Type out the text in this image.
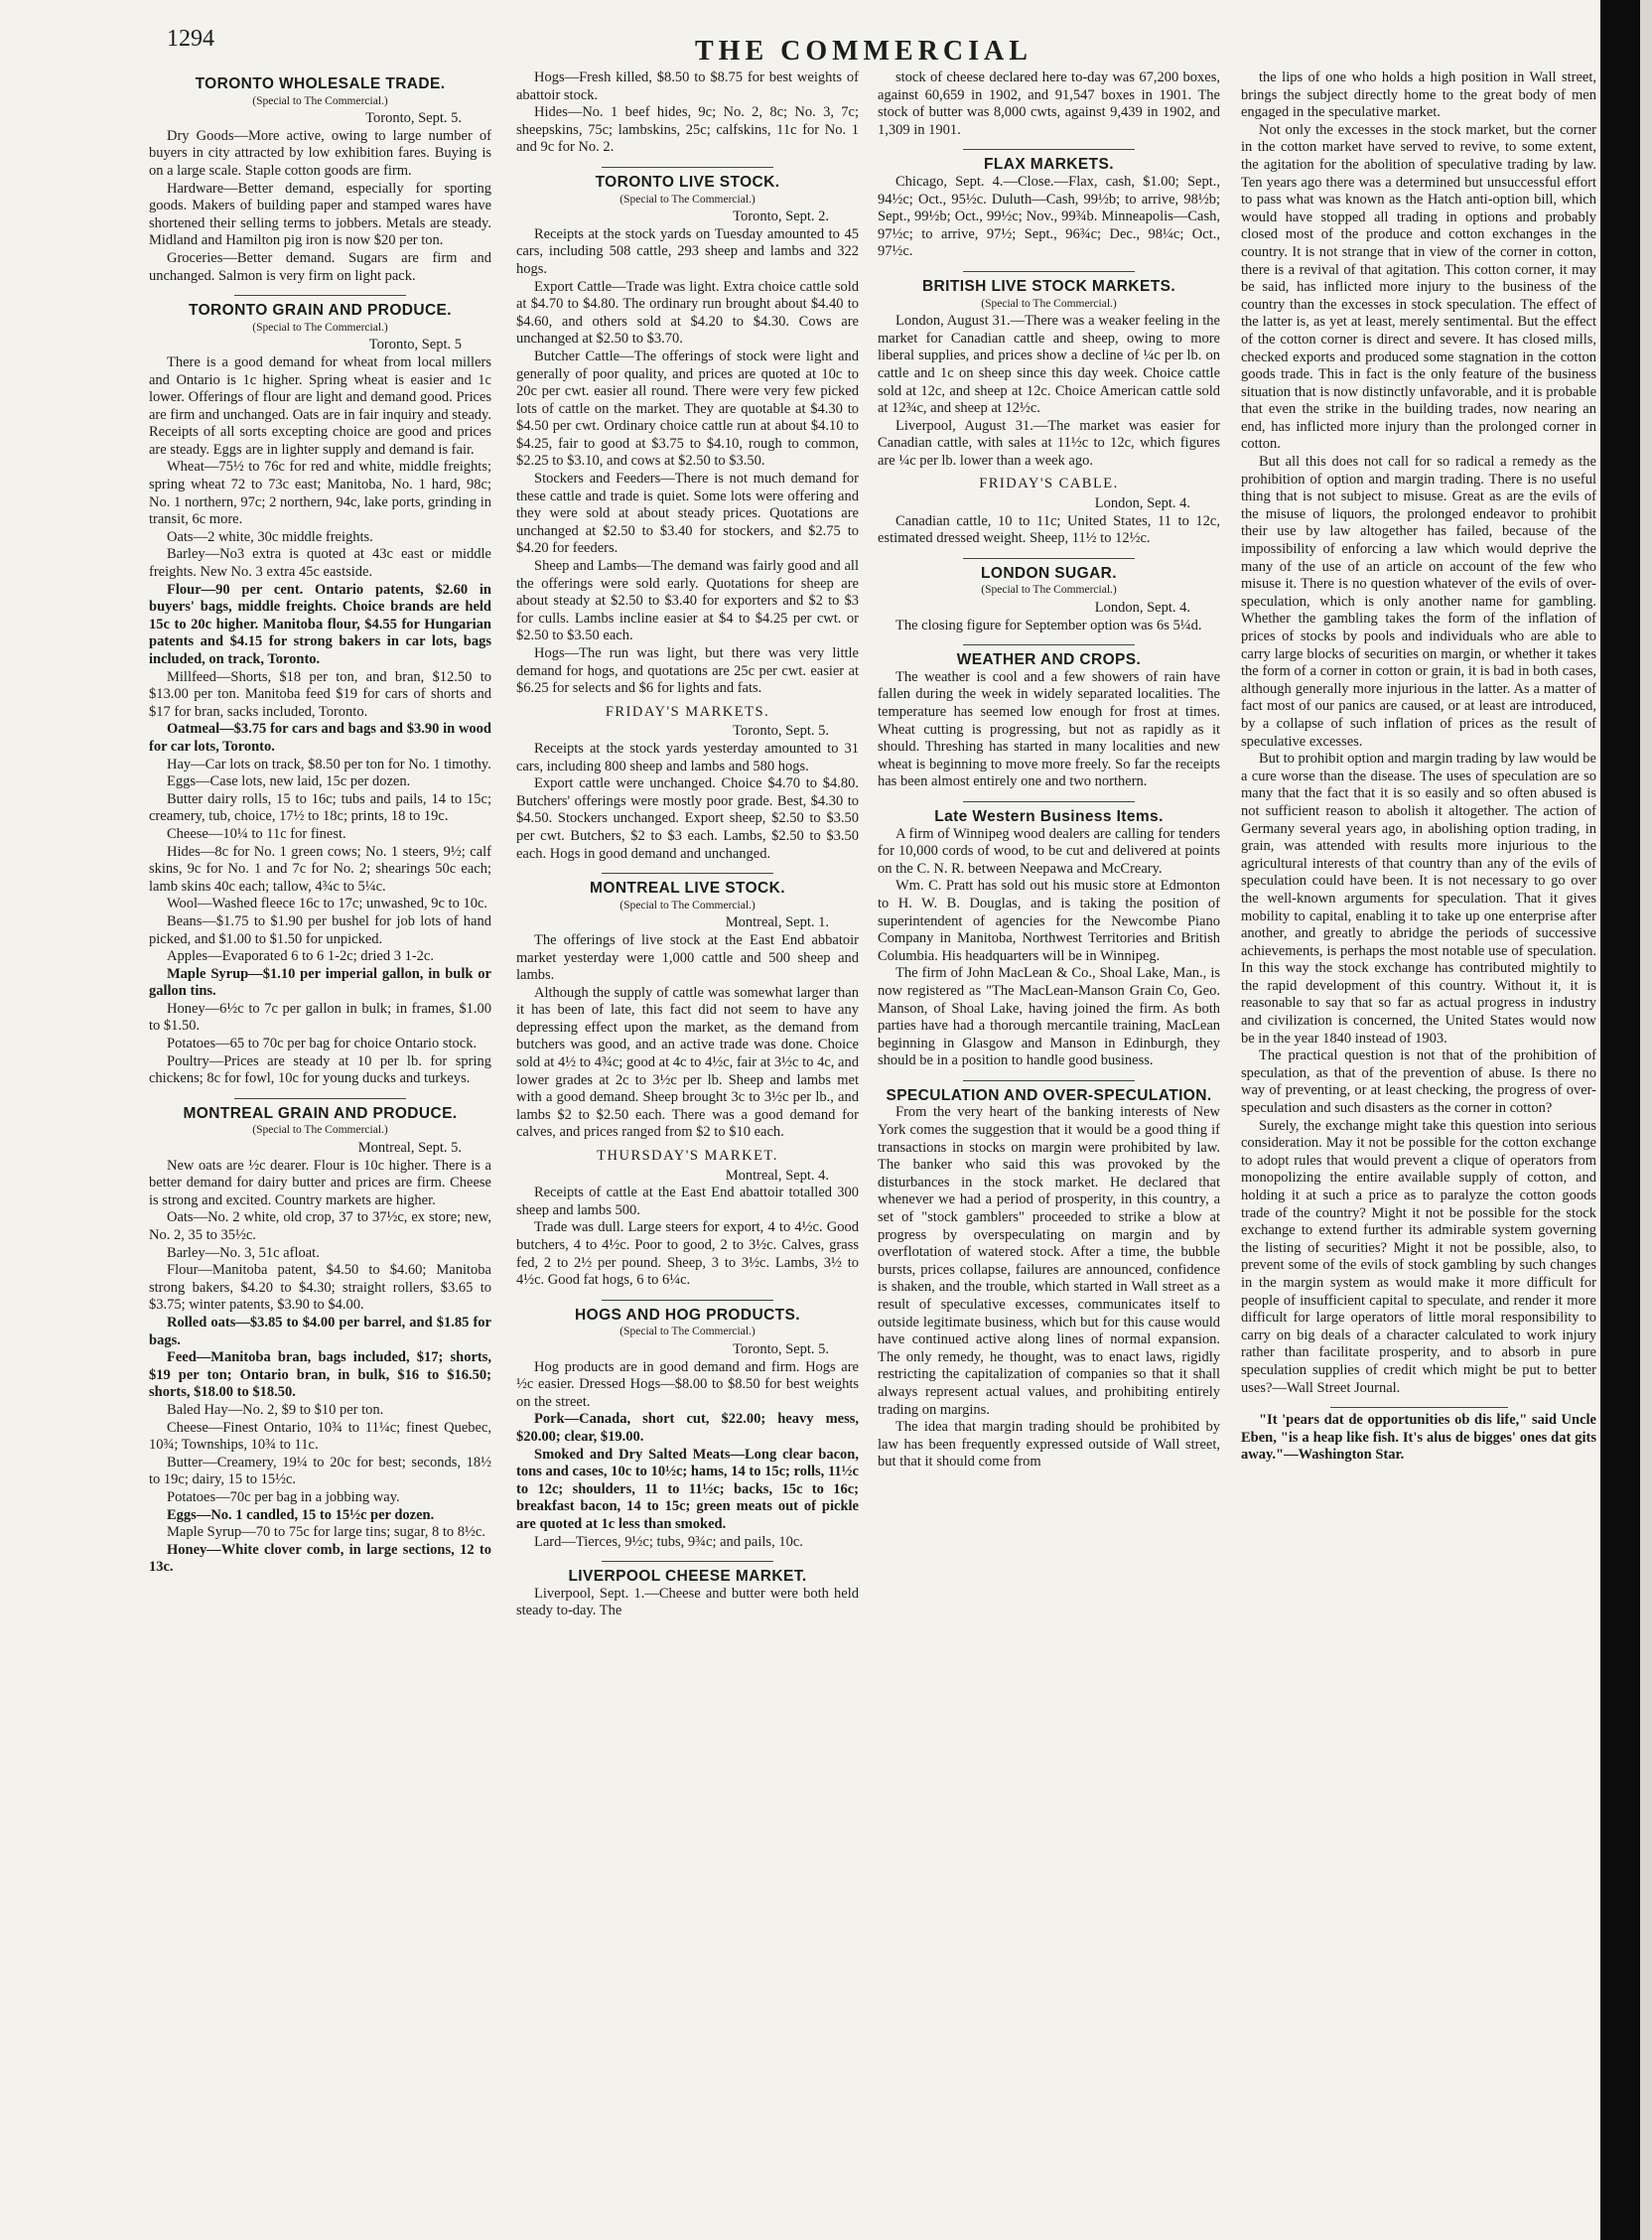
1294	THE COMMERCIAL
TORONTO WHOLESALE TRADE.
(Special to The Commercial.)
Toronto, Sept. 5.

Dry Goods—More active, owing to large number of buyers in city attracted by low exhibition fares. Buying is on a large scale. Staple cotton goods are firm.

Hardware—Better demand, especially for sporting goods. Makers of building paper and stamped wares have shortened their selling terms to jobbers. Metals are steady. Midland and Hamilton pig iron is now $20 per ton.

Groceries—Better demand. Sugars are firm and unchanged. Salmon is very firm on light pack.

TORONTO GRAIN AND PRODUCE.
(Special to The Commercial.)
Toronto, Sept. 5

There is a good demand for wheat from local millers and Ontario is 1c higher. Spring wheat is easier and 1c lower. Offerings of flour are light and demand good. Prices are firm and unchanged. Oats are in fair inquiry and steady. Receipts of all sorts excepting choice are good and prices are steady. Eggs are in lighter supply and demand is fair.

Wheat—75½ to 76c for red and white, middle freights; spring wheat 72 to 73c east; Manitoba, No. 1 hard, 98c; No. 1 northern, 97c; 2 northern, 94c, lake ports, grinding in transit, 6c more.

Oats—2 white, 30c middle freights.

Barley—No3 extra is quoted at 43c east or middle freights. New No. 3 extra 45c eastside.

Flour—90 per cent. Ontario patents, $2.60 in buyers' bags, middle freights. Choice brands are held 15c to 20c higher. Manitoba flour, $4.55 for Hungarian patents and $4.15 for strong bakers in car lots, bags included, on track, Toronto.

Millfeed—Shorts, $18 per ton, and bran, $12.50 to $13.00 per ton. Manitoba feed $19 for cars of shorts and $17 for bran, sacks included, Toronto.

Oatmeal—$3.75 for cars and bags and $3.90 in wood for car lots, Toronto.

Hay—Car lots on track, $8.50 per ton for No. 1 timothy.

Eggs—Case lots, new laid, 15c per dozen.

Butter dairy rolls, 15 to 16c; tubs and pails, 14 to 15c; creamery, tub, choice, 17½ to 18c; prints, 18 to 19c.

Cheese—10¼ to 11c for finest.

Hides—8c for No. 1 green cows; No. 1 steers, 9½; calf skins, 9c for No. 1 and 7c for No. 2; shearings 50c each; lamb skins 40c each; tallow, 4¾c to 5¼c.

Wool—Washed fleece 16c to 17c; unwashed, 9c to 10c.

Beans—$1.75 to $1.90 per bushel for job lots of hand picked, and $1.00 to $1.50 for unpicked.

Apples—Evaporated 6 to 6 1-2c; dried 3 1-2c.

Maple Syrup—$1.10 per imperial gallon, in bulk or gallon tins.

Honey—6½c to 7c per gallon in bulk; in frames, $1.00 to $1.50.

Potatoes—65 to 70c per bag for choice Ontario stock.

Poultry—Prices are steady at 10 per lb. for spring chickens; 8c for fowl, 10c for young ducks and turkeys.

MONTREAL GRAIN AND PRODUCE.
(Special to The Commercial.)
Montreal, Sept. 5.

New oats are ½c dearer. Flour is 10c higher. There is a better demand for dairy butter and prices are firm. Cheese is strong and excited. Country markets are higher.

Oats—No. 2 white, old crop, 37 to 37½c, ex store; new, No. 2, 35 to 35½c.

Barley—No. 3, 51c afloat.

Flour—Manitoba patent, $4.50 to $4.60; Manitoba strong bakers, $4.20 to $4.30; straight rollers, $3.65 to $3.75; winter patents, $3.90 to $4.00.

Rolled oats—$3.85 to $4.00 per barrel, and $1.85 for bags.

Feed—Manitoba bran, bags included, $17; shorts, $19 per ton; Ontario bran, in bulk, $16 to $16.50; shorts, $18.00 to $18.50.

Baled Hay—No. 2, $9 to $10 per ton.

Cheese—Finest Ontario, 10¾ to 11¼c; finest Quebec, 10¾; Townships, 10¾ to 11c.

Butter—Creamery, 19¼ to 20c for best; seconds, 18½ to 19c; dairy, 15 to 15½c.

Potatoes—70c per bag in a jobbing way.

Eggs—No. 1 candled, 15 to 15½c per dozen.

Maple Syrup—70 to 75c for large tins; sugar, 8 to 8½c.

Honey—White clover comb, in large sections, 12 to 13c.

Hogs—Fresh killed, $8.50 to $8.75 for best weights of abattoir stock.

Hides—No. 1 beef hides, 9c; No. 2, 8c; No. 3, 7c; sheepskins, 75c; lambskins, 25c; calfskins, 11c for No. 1 and 9c for No. 2.

TORONTO LIVE STOCK.
(Special to The Commercial.)
Toronto, Sept. 2.

Receipts at the stock yards on Tuesday amounted to 45 cars, including 508 cattle, 293 sheep and lambs and 322 hogs.

Export Cattle—Trade was light. Extra choice cattle sold at $4.70 to $4.80. The ordinary run brought about $4.40 to $4.60, and others sold at $4.20 to $4.30. Cows are unchanged at $2.50 to $3.70.

Butcher Cattle—The offerings of stock were light and generally of poor quality, and prices are quoted at 10c to 20c per cwt. easier all round. There were very few picked lots of cattle on the market. They are quotable at $4.30 to $4.50 per cwt. Ordinary choice cattle run at about $4.10 to $4.25, fair to good at $3.75 to $4.10, rough to common, $2.25 to $3.10, and cows at $2.50 to $3.50.

Stockers and Feeders—There is not much demand for these cattle and trade is quiet. Some lots were offering and they were sold at about steady prices. Quotations are unchanged at $2.50 to $3.40 for stockers, and $2.75 to $4.20 for feeders.

Sheep and Lambs—The demand was fairly good and all the offerings were sold early. Quotations for sheep are about steady at $2.50 to $3.40 for exporters and $2 to $3 for culls. Lambs incline easier at $4 to $4.25 per cwt. or $2.50 to $3.50 each.

Hogs—The run was light, but there was very little demand for hogs, and quotations are 25c per cwt. easier at $6.25 for selects and $6 for lights and fats.

FRIDAY'S MARKETS.
Toronto, Sept. 5.

Receipts at the stock yards yesterday amounted to 31 cars, including 800 sheep and lambs and 580 hogs.

Export cattle were unchanged. Choice $4.70 to $4.80. Butchers' offerings were mostly poor grade. Best, $4.30 to $4.50. Stockers unchanged. Export sheep, $2.50 to $3.50 per cwt. Butchers, $2 to $3 each. Lambs, $2.50 to $3.50 each. Hogs in good demand and unchanged.

MONTREAL LIVE STOCK.
(Special to The Commercial.)
Montreal, Sept. 1.

The offerings of live stock at the East End abbatoir market yesterday were 1,000 cattle and 500 sheep and lambs.

Although the supply of cattle was somewhat larger than it has been of late, this fact did not seem to have any depressing effect upon the market, as the demand from butchers was good, and an active trade was done. Choice sold at 4½ to 4¾c; good at 4c to 4½c, fair at 3½c to 4c, and lower grades at 2c to 3½c per lb. Sheep and lambs met with a good demand. Sheep brought 3c to 3½c per lb., and lambs $2 to $2.50 each. There was a good demand for calves, and prices ranged from $2 to $10 each.

THURSDAY'S MARKET.
Montreal, Sept. 4.

Receipts of cattle at the East End abattoir totalled 300 sheep and lambs 500.

Trade was dull. Large steers for export, 4 to 4½c. Good butchers, 4 to 4½c. Poor to good, 2 to 3½c. Calves, grass fed, 2 to 2½ per pound. Sheep, 3 to 3½c. Lambs, 3½ to 4½c. Good fat hogs, 6 to 6¼c.

HOGS AND HOG PRODUCTS.
(Special to The Commercial.)
Toronto, Sept. 5.

Hog products are in good demand and firm. Hogs are ½c easier. Dressed Hogs—$8.00 to $8.50 for best weights on the street.

Pork—Canada, short cut, $22.00; heavy mess, $20.00; clear, $19.00.

Smoked and Dry Salted Meats—Long clear bacon, tons and cases, 10c to 10½c; hams, 14 to 15c; rolls, 11½c to 12c; shoulders, 11 to 11½c; backs, 15c to 16c; breakfast bacon, 14 to 15c; green meats out of pickle are quoted at 1c less than smoked.

Lard—Tierces, 9½c; tubs, 9¾c; and pails, 10c.

LIVERPOOL CHEESE MARKET.

Liverpool, Sept. 1.—Cheese and butter were both held steady to-day. The

stock of cheese declared here to-day was 67,200 boxes, against 60,659 in 1902, and 91,547 boxes in 1901. The stock of butter was 8,000 cwts, against 9,439 in 1902, and 1,309 in 1901.

FLAX MARKETS.

Chicago, Sept. 4.—Close.—Flax, cash, $1.00; Sept., 94½c; Oct., 95½c. Duluth—Cash, 99½b; to arrive, 98½b; Sept., 99½b; Oct., 99½c; Nov., 99¾b. Minneapolis—Cash, 97½c; to arrive, 97½; Sept., 96¾c; Dec., 98¼c; Oct., 97½c.

BRITISH LIVE STOCK MARKETS.
(Special to The Commercial.)

London, August 31.—There was a weaker feeling in the market for Canadian cattle and sheep, owing to more liberal supplies, and prices show a decline of ¼c per lb. on cattle and 1c on sheep since this day week. Choice cattle sold at 12c, and sheep at 12c. Choice American cattle sold at 12¾c, and sheep at 12½c.

Liverpool, August 31.—The market was easier for Canadian cattle, with sales at 11½c to 12c, which figures are ¼c per lb. lower than a week ago.

FRIDAY'S CABLE.
London, Sept. 4.

Canadian cattle, 10 to 11c; United States, 11 to 12c, estimated dressed weight. Sheep, 11½ to 12½c.

LONDON SUGAR.
(Special to The Commercial.)
London, Sept. 4.

The closing figure for September option was 6s 5¼d.

WEATHER AND CROPS.

The weather is cool and a few showers of rain have fallen during the week in widely separated localities. The temperature has seemed low enough for frost at times. Wheat cutting is progressing, but not as rapidly as it should. Threshing has started in many localities and new wheat is beginning to move more freely. So far the receipts has been almost entirely one and two northern.

Late Western Business Items.

A firm of Winnipeg wood dealers are calling for tenders for 10,000 cords of wood, to be cut and delivered at points on the C. N. R. between Neepawa and McCreary.

Wm. C. Pratt has sold out his music store at Edmonton to H. W. B. Douglas, and is taking the position of superintendent of agencies for the Newcombe Piano Company in Manitoba, Northwest Territories and British Columbia. His headquarters will be in Winnipeg.

The firm of John MacLean & Co., Shoal Lake, Man., is now registered as "The MacLean-Manson Grain Co, Geo. Manson, of Shoal Lake, having joined the firm. As both parties have had a thorough mercantile training, MacLean beginning in Glasgow and Manson in Edinburgh, they should be in a position to handle good business.

SPECULATION AND OVER-SPECULATION.

From the very heart of the banking interests of New York comes the suggestion that it would be a good thing if transactions in stocks on margin were prohibited by law. The banker who said this was provoked by the disturbances in the stock market. He declared that whenever we had a period of prosperity, in this country, a set of "stock gamblers" proceeded to strike a blow at progress by overspeculating on margin and by overflotation of watered stock. After a time, the bubble bursts, prices collapse, failures are announced, confidence is shaken, and the trouble, which started in Wall street as a result of speculative excesses, communicates itself to outside legitimate business, which but for this cause would have continued active along lines of normal expansion. The only remedy, he thought, was to enact laws, rigidly restricting the capitalization of companies so that it shall always represent actual values, and prohibiting entirely trading on margins.

The idea that margin trading should be prohibited by law has been frequently expressed outside of Wall street, but that it should come from

the lips of one who holds a high position in Wall street, brings the subject directly home to the great body of men engaged in the speculative market.

Not only the excesses in the stock market, but the corner in the cotton market have served to revive, to some extent, the agitation for the abolition of speculative trading by law. Ten years ago there was a determined but unsuccessful effort to pass what was known as the Hatch anti-option bill, which would have stopped all trading in options and probably closed most of the produce and cotton exchanges in the country. It is not strange that in view of the corner in cotton, there is a revival of that agitation. This cotton corner, it may be said, has inflicted more injury to the business of the country than the excesses in stock speculation. The effect of the latter is, as yet at least, merely sentimental. But the effect of the cotton corner is direct and severe. It has closed mills, checked exports and produced some stagnation in the cotton goods trade. This in fact is the only feature of the business situation that is now distinctly unfavorable, and it is probable that even the strike in the building trades, now nearing an end, has inflicted more injury than the prolonged corner in cotton.

But all this does not call for so radical a remedy as the prohibition of option and margin trading. There is no useful thing that is not subject to misuse. Great as are the evils of the misuse of liquors, the prolonged endeavor to prohibit their use by law altogether has failed, because of the impossibility of enforcing a law which would deprive the many of the use of an article on account of the few who misuse it. There is no question whatever of the evils of over-speculation, which is only another name for gambling. Whether the gambling takes the form of the inflation of prices of stocks by pools and individuals who are able to carry large blocks of securities on margin, or whether it takes the form of a corner in cotton or grain, it is bad in both cases, although generally more injurious in the latter. As a matter of fact most of our panics are caused, or at least are introduced, by a collapse of such inflation of prices as the result of speculative excesses.

But to prohibit option and margin trading by law would be a cure worse than the disease. The uses of speculation are so many that the fact that it is so easily and so often abused is not sufficient reason to abolish it altogether. The action of Germany several years ago, in abolishing option trading, in grain, was attended with results more injurious to the agricultural interests of that country than any of the evils of speculation could have been. It is not necessary to go over the well-known arguments for speculation. That it gives mobility to capital, enabling it to take up one enterprise after another, and greatly to abridge the periods of successive achievements, is perhaps the most notable use of speculation. In this way the stock exchange has contributed mightily to the rapid development of this country. Without it, it is reasonable to say that so far as actual progress in industry and civilization is concerned, the United States would now be in the year 1840 instead of 1903.

The practical question is not that of the prohibition of speculation, as that of the prevention of abuse. Is there no way of preventing, or at least checking, the progress of over-speculation and such disasters as the corner in cotton?

Surely, the exchange might take this question into serious consideration. May it not be possible for the cotton exchange to adopt rules that would prevent a clique of operators from monopolizing the entire available supply of cotton, and holding it at such a price as to paralyze the cotton goods trade of the country? Might it not be possible for the stock exchange to extend further its admirable system governing the listing of securities? Might it not be possible, also, to prevent some of the evils of stock gambling by such changes in the margin system as would make it more difficult for people of insufficient capital to speculate, and render it more difficult for large operators of little moral responsibility to carry on big deals of a character calculated to work injury rather than facilitate prosperity, and to absorb in pure speculation supplies of credit which might be put to better uses?—Wall Street Journal.

"It 'pears dat de opportunities ob dis life," said Uncle Eben, "is a heap like fish. It's alus de bigges' ones dat gits away."—Washington Star.
